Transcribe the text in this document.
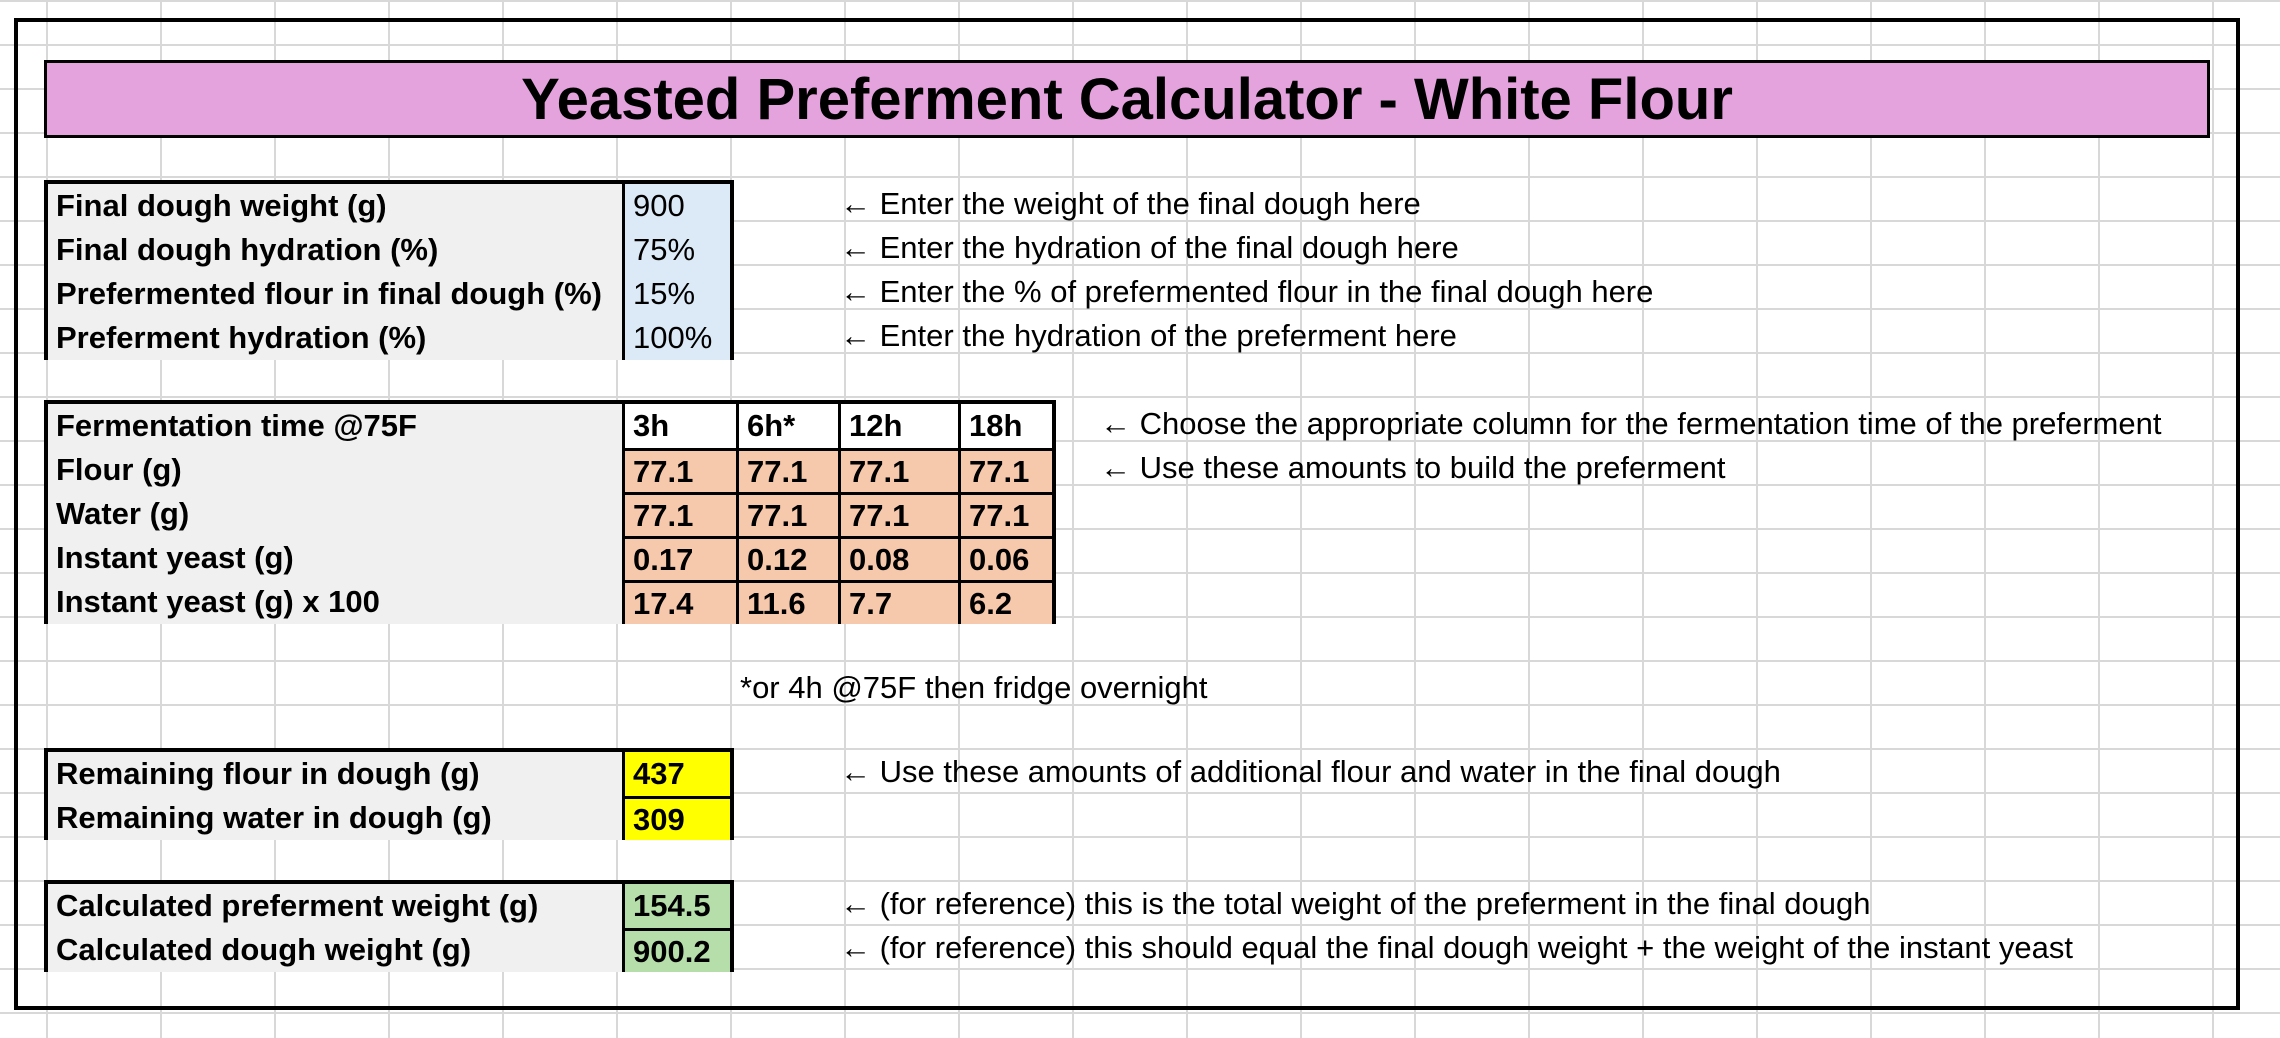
Yeasted Preferment Calculator - White Flour
Final dough weight (g)	900
Final dough hydration (%)	75%
Prefermented flour in final dough (%)	15%
Preferment hydration (%)	100%
← Enter the weight of the final dough here
← Enter the hydration of the final dough here
← Enter the % of prefermented flour in the final dough here
← Enter the hydration of the preferment here
Fermentation time @75F	3h	6h*	12h	18h
Flour (g)	77.1	77.1	77.1	77.1
Water (g)	77.1	77.1	77.1	77.1
Instant yeast (g)	0.17	0.12	0.08	0.06
Instant yeast (g) x 100	17.4	11.6	7.7	6.2
← Choose the appropriate column for the fermentation time of the preferment
← Use these amounts to build the preferment
*or 4h @75F then fridge overnight
Remaining flour in dough (g)	437
Remaining water in dough (g)	309
← Use these amounts of additional flour and water in the final dough
Calculated preferment weight (g)	154.5
Calculated dough weight (g)	900.2
← (for reference) this is the total weight of the preferment in the final dough
← (for reference) this should equal the final dough weight + the weight of the instant yeast
